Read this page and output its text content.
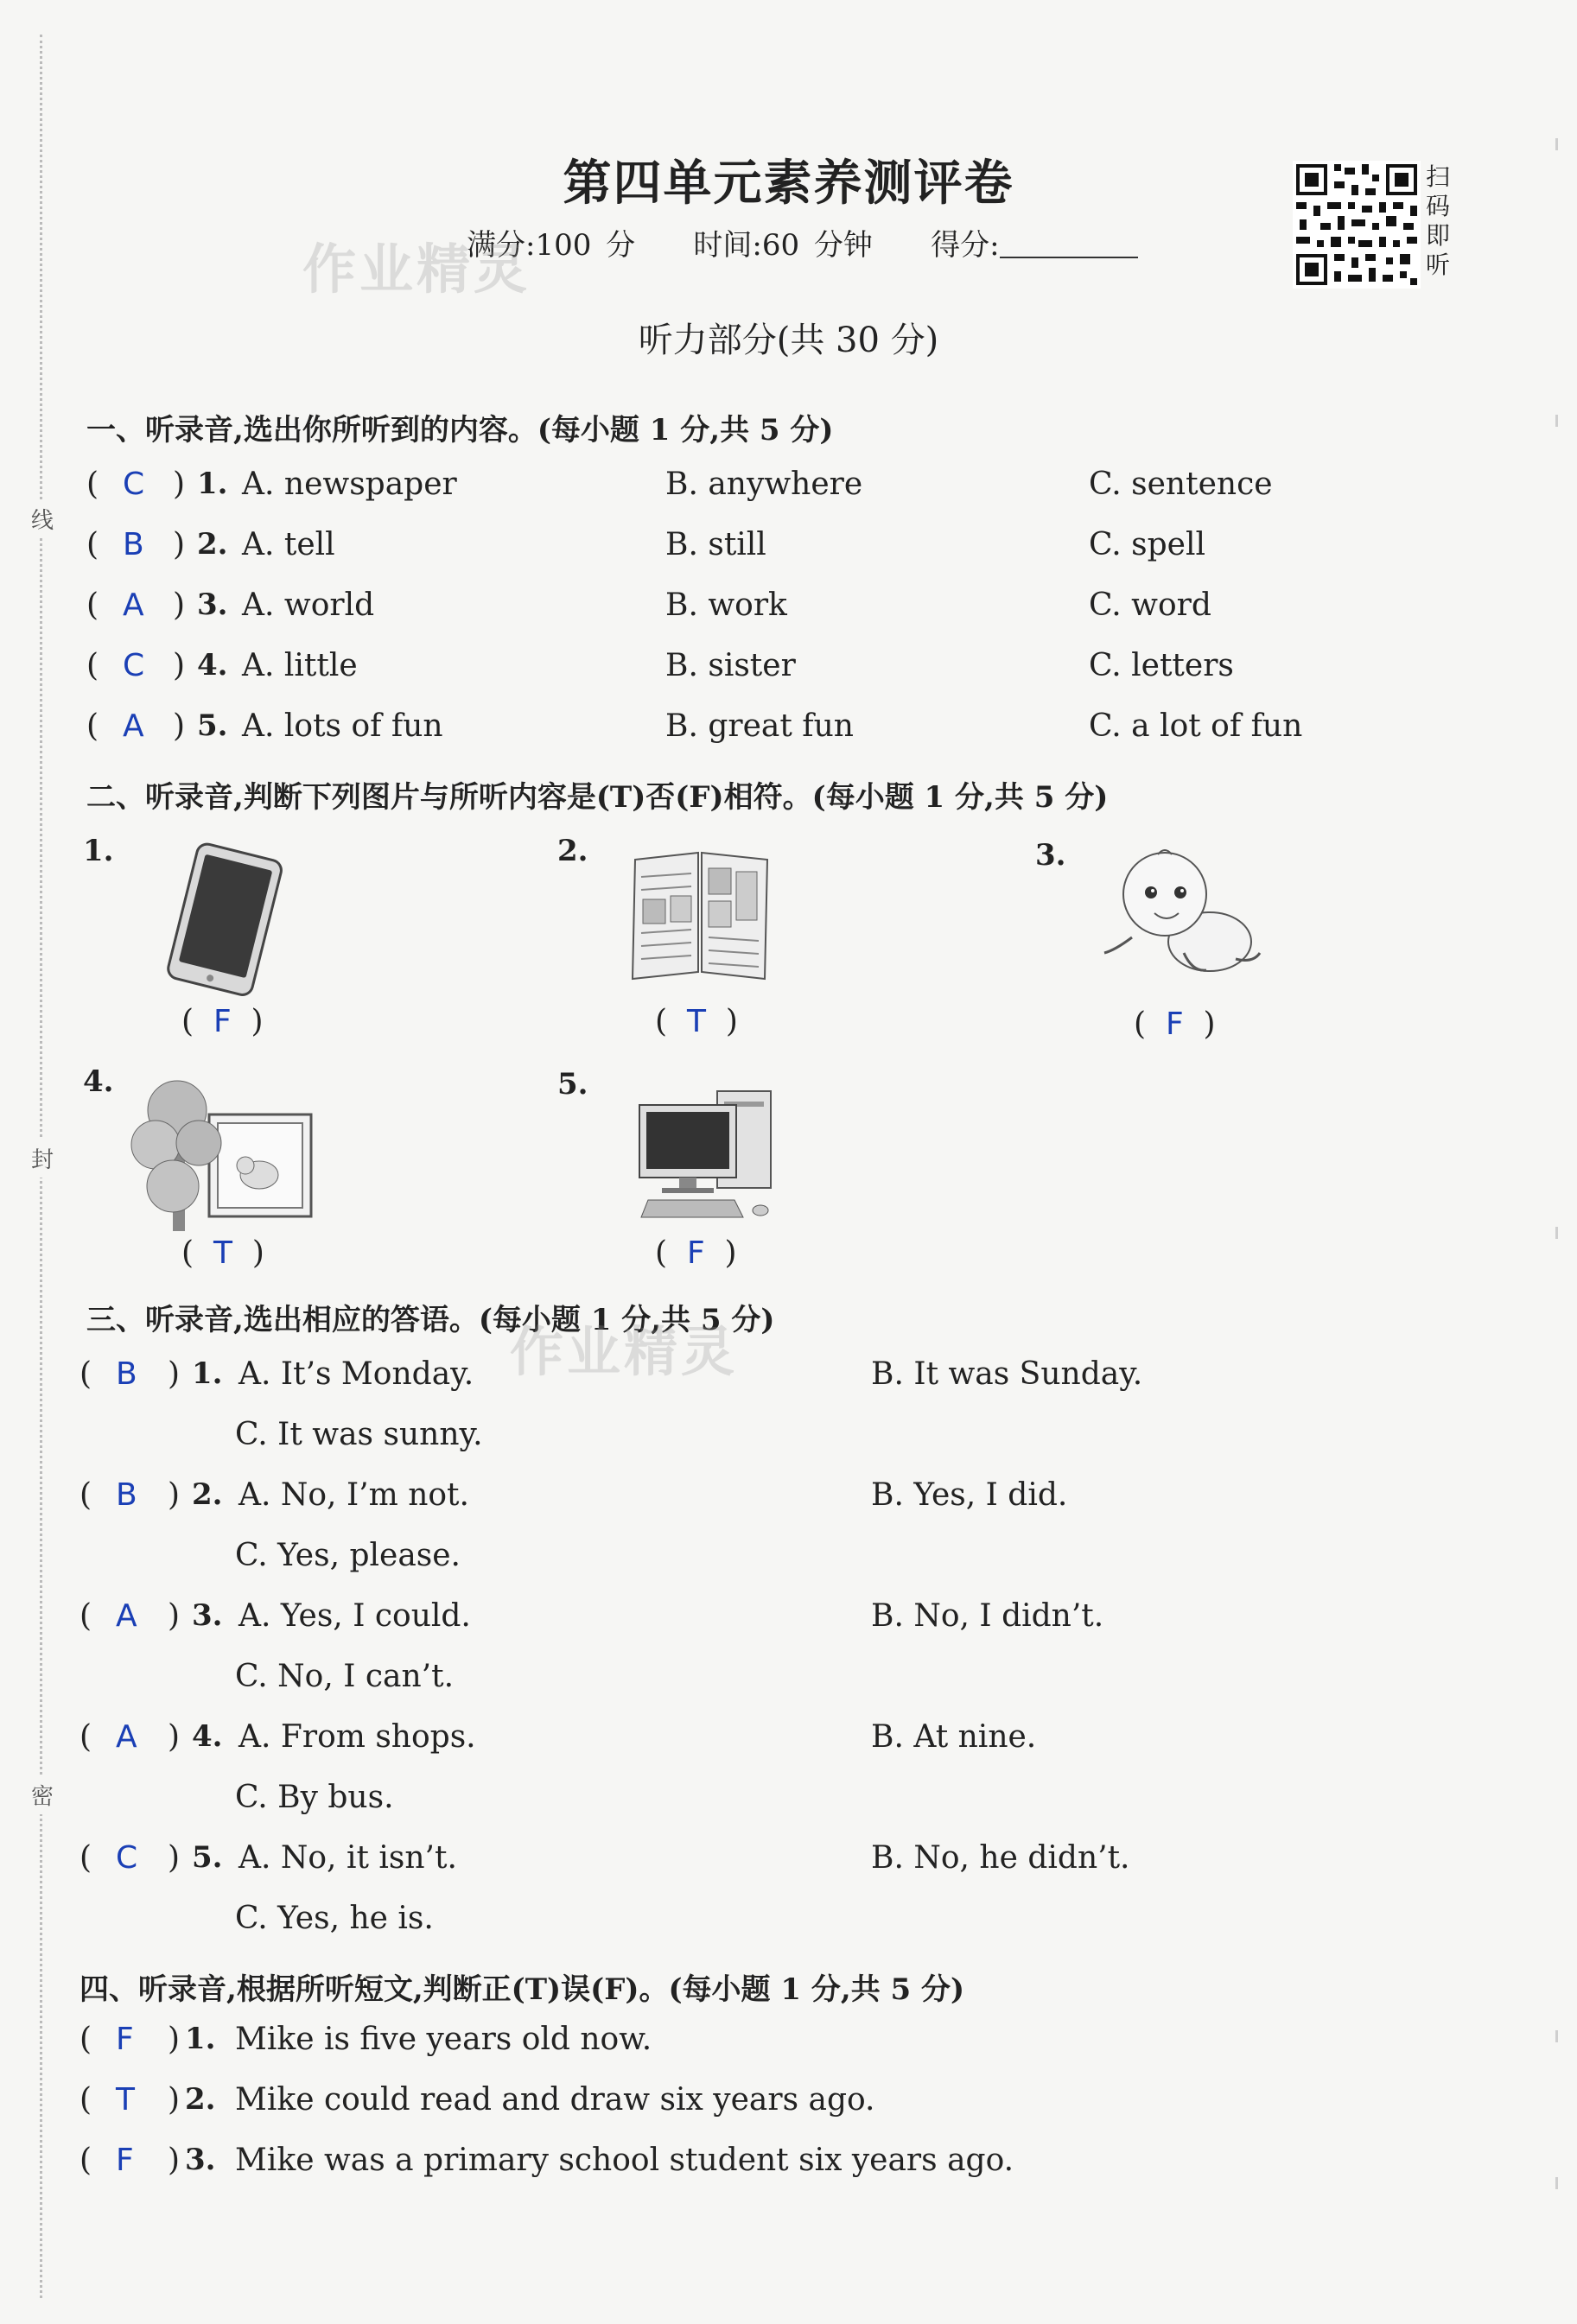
线
封
密
第四单元素养测评卷
满分:100 分 时间:60 分钟 得分:
作业精灵
扫码即听
听力部分(共 30 分)
一、听录音,选出你所听到的内容。(每小题 1 分,共 5 分)
( C ) 1. A. newspaper	B. anywhere	C. sentence
( B ) 2. A. tell	B. still	C. spell
( A ) 3. A. world	B. work	C. word
( C ) 4. A. little	B. sister	C. letters
( A ) 5. A. lots of fun	B. great fun	C. a lot of fun
二、听录音,判断下列图片与所听内容是(T)否(F)相符。(每小题 1 分,共 5 分)
1.
(  F  )
2.
(  T  )
3.
(  F  )
4.
(  T  )
5.
(  F  )
三、听录音,选出相应的答语。(每小题 1 分,共 5 分)
作业精灵
( B ) 1. A. It’s Monday.	B. It was Sunday.
C. It was sunny.
( B ) 2. A. No, I’m not.	B. Yes, I did.
C. Yes, please.
( A ) 3. A. Yes, I could.	B. No, I didn’t.
C. No, I can’t.
( A ) 4. A. From shops.	B. At nine.
C. By bus.
( C ) 5. A. No, it isn’t.	B. No, he didn’t.
C. Yes, he is.
四、听录音,根据所听短文,判断正(T)误(F)。(每小题 1 分,共 5 分)
( F ) 1. Mike is five years old now.
( T ) 2. Mike could read and draw six years ago.
( F ) 3. Mike was a primary school student six years ago.
